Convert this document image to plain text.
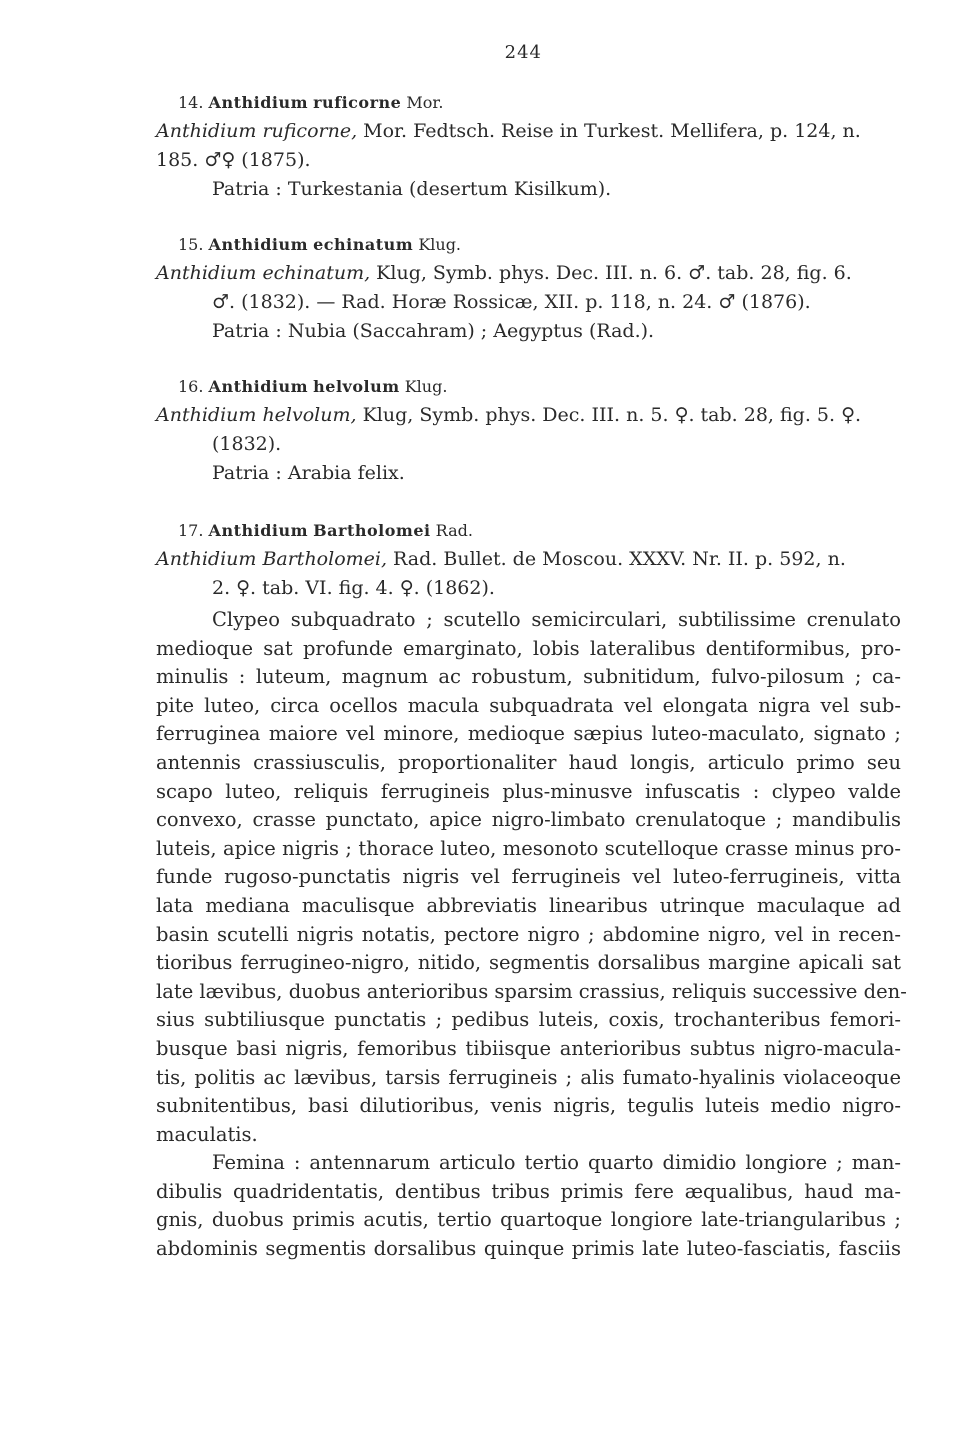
244
14. Anthidium ruficorne Mor.
Anthidium ruficorne, Mor. Fedtsch. Reise in Turkest. Mellifera, p. 124, n.
185. ♂♀ (1875).
Patria : Turkestania (desertum Kisilkum).
15. Anthidium echinatum Klug.
Anthidium echinatum, Klug, Symb. phys. Dec. III. n. 6. ♂. tab. 28, fig. 6.
♂. (1832). — Rad. Horæ Rossicæ, XII. p. 118, n. 24. ♂ (1876).
Patria : Nubia (Saccahram) ; Aegyptus (Rad.).
16. Anthidium helvolum Klug.
Anthidium helvolum, Klug, Symb. phys. Dec. III. n. 5. ♀. tab. 28, fig. 5. ♀.
(1832).
Patria : Arabia felix.
17. Anthidium Bartholomei Rad.
Anthidium Bartholomei, Rad. Bullet. de Moscou. XXXV. Nr. II. p. 592, n.
2. ♀. tab. VI. fig. 4. ♀. (1862).
Clypeo subquadrato ; scutello semicirculari, subtilissime crenulato
medioque sat profunde emarginato, lobis lateralibus dentiformibus, pro-
minulis : luteum, magnum ac robustum, subnitidum, fulvo-pilosum ; ca-
pite luteo, circa ocellos macula subquadrata vel elongata nigra vel sub-
ferruginea maiore vel minore, medioque sæpius luteo-maculato, signato ;
antennis crassiusculis, proportionaliter haud longis, articulo primo seu
scapo luteo, reliquis ferrugineis plus-minusve infuscatis : clypeo valde
convexo, crasse punctato, apice nigro-limbato crenulatoque ; mandibulis
luteis, apice nigris ; thorace luteo, mesonoto scutelloque crasse minus pro-
funde rugoso-punctatis nigris vel ferrugineis vel luteo-ferrugineis, vitta
lata mediana maculisque abbreviatis linearibus utrinque maculaque ad
basin scutelli nigris notatis, pectore nigro ; abdomine nigro, vel in recen-
tioribus ferrugineo-nigro, nitido, segmentis dorsalibus margine apicali sat
late lævibus, duobus anterioribus sparsim crassius, reliquis successive den-
sius subtiliusque punctatis ; pedibus luteis, coxis, trochanteribus femori-
busque basi nigris, femoribus tibiisque anterioribus subtus nigro-macula-
tis, politis ac lævibus, tarsis ferrugineis ; alis fumato-hyalinis violaceoque
subnitentibus, basi dilutioribus, venis nigris, tegulis luteis medio nigro-
maculatis.
Femina : antennarum articulo tertio quarto dimidio longiore ; man-
dibulis quadridentatis, dentibus tribus primis fere æqualibus, haud ma-
gnis, duobus primis acutis, tertio quartoque longiore late-triangularibus ;
abdominis segmentis dorsalibus quinque primis late luteo-fasciatis, fasciis
